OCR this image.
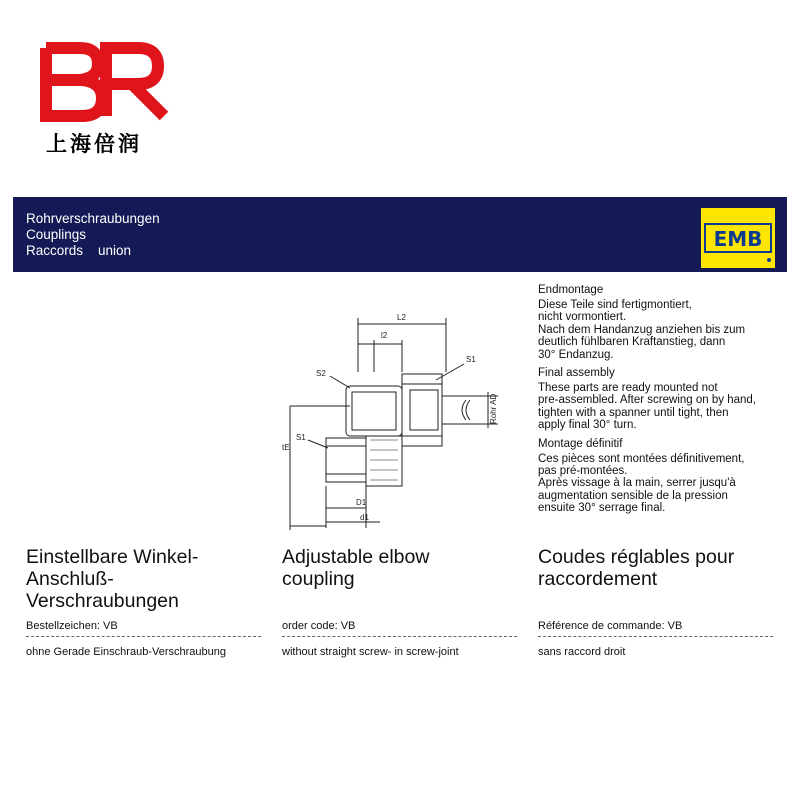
上海倍润
Rohrverschraubungen
Couplings
Raccords    union	EMB
L2
l2
S1
S2
S1
tE
D1
d1
Rohr AD
Endmontage
Diese Teile sind fertigmontiert,
nicht vormontiert.
Nach dem Handanzug anziehen bis zum
deutlich fühlbaren Kraftanstieg, dann
30° Endanzug.
Final assembly
These parts are ready mounted not
pre-assembled. After screwing on by hand,
tighten with a spanner until tight, then
apply final 30° turn.
Montage définitif
Ces pièces sont montées définitivement,
pas pré-montées.
Après vissage à la main, serrer jusqu'à
augmentation sensible de la pression
ensuite 30° serrage final.
Einstellbare Winkel-
Anschluß-
Verschraubungen
Bestellzeichen: VB
ohne Gerade Einschraub-Verschraubung
Adjustable elbow
coupling
order code: VB
without straight screw- in screw-joint
Coudes réglables pour
raccordement
Référence de commande: VB
sans raccord droit
